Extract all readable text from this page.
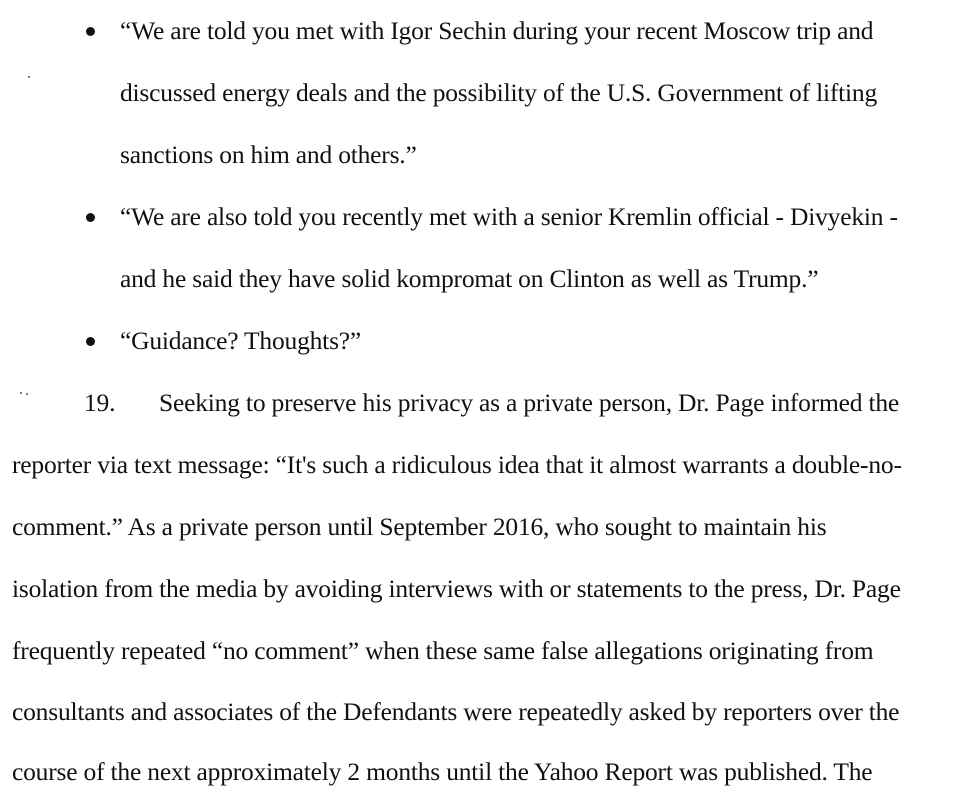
“We are told you met with Igor Sechin during your recent Moscow trip and
discussed energy deals and the possibility of the U.S. Government of lifting
sanctions on him and others.”
“We are also told you recently met with a senior Kremlin official - Divyekin -
and he said they have solid kompromat on Clinton as well as Trump.”
“Guidance? Thoughts?”
19. Seeking to preserve his privacy as a private person, Dr. Page informed the
reporter via text message: “It's such a ridiculous idea that it almost warrants a double-no-
comment.” As a private person until September 2016, who sought to maintain his
isolation from the media by avoiding interviews with or statements to the press, Dr. Page
frequently repeated “no comment” when these same false allegations originating from
consultants and associates of the Defendants were repeatedly asked by reporters over the
course of the next approximately 2 months until the Yahoo Report was published. The
